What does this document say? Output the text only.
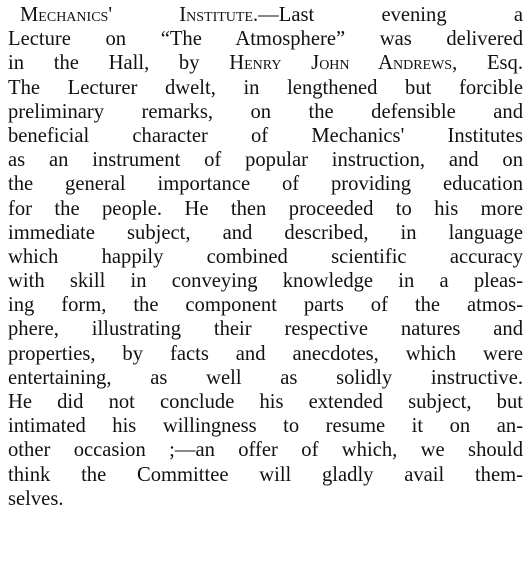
Mechanics' Institute.—Last evening a
Lecture on “The Atmosphere” was delivered
in the Hall, by Henry John Andrews, Esq.
The Lecturer dwelt, in lengthened but forcible
preliminary remarks, on the defensible and
beneficial character of Mechanics' Institutes
as an instrument of popular instruction, and on
the general importance of providing education
for the people. He then proceeded to his more
immediate subject, and described, in language
which happily combined scientific accuracy
with skill in conveying knowledge in a pleas-
ing form, the component parts of the atmos-
phere, illustrating their respective natures and
properties, by facts and anecdotes, which were
entertaining, as well as solidly instructive.
He did not conclude his extended subject, but
intimated his willingness to resume it on an-
other occasion ;—an offer of which, we should
think the Committee will gladly avail them-
selves.
